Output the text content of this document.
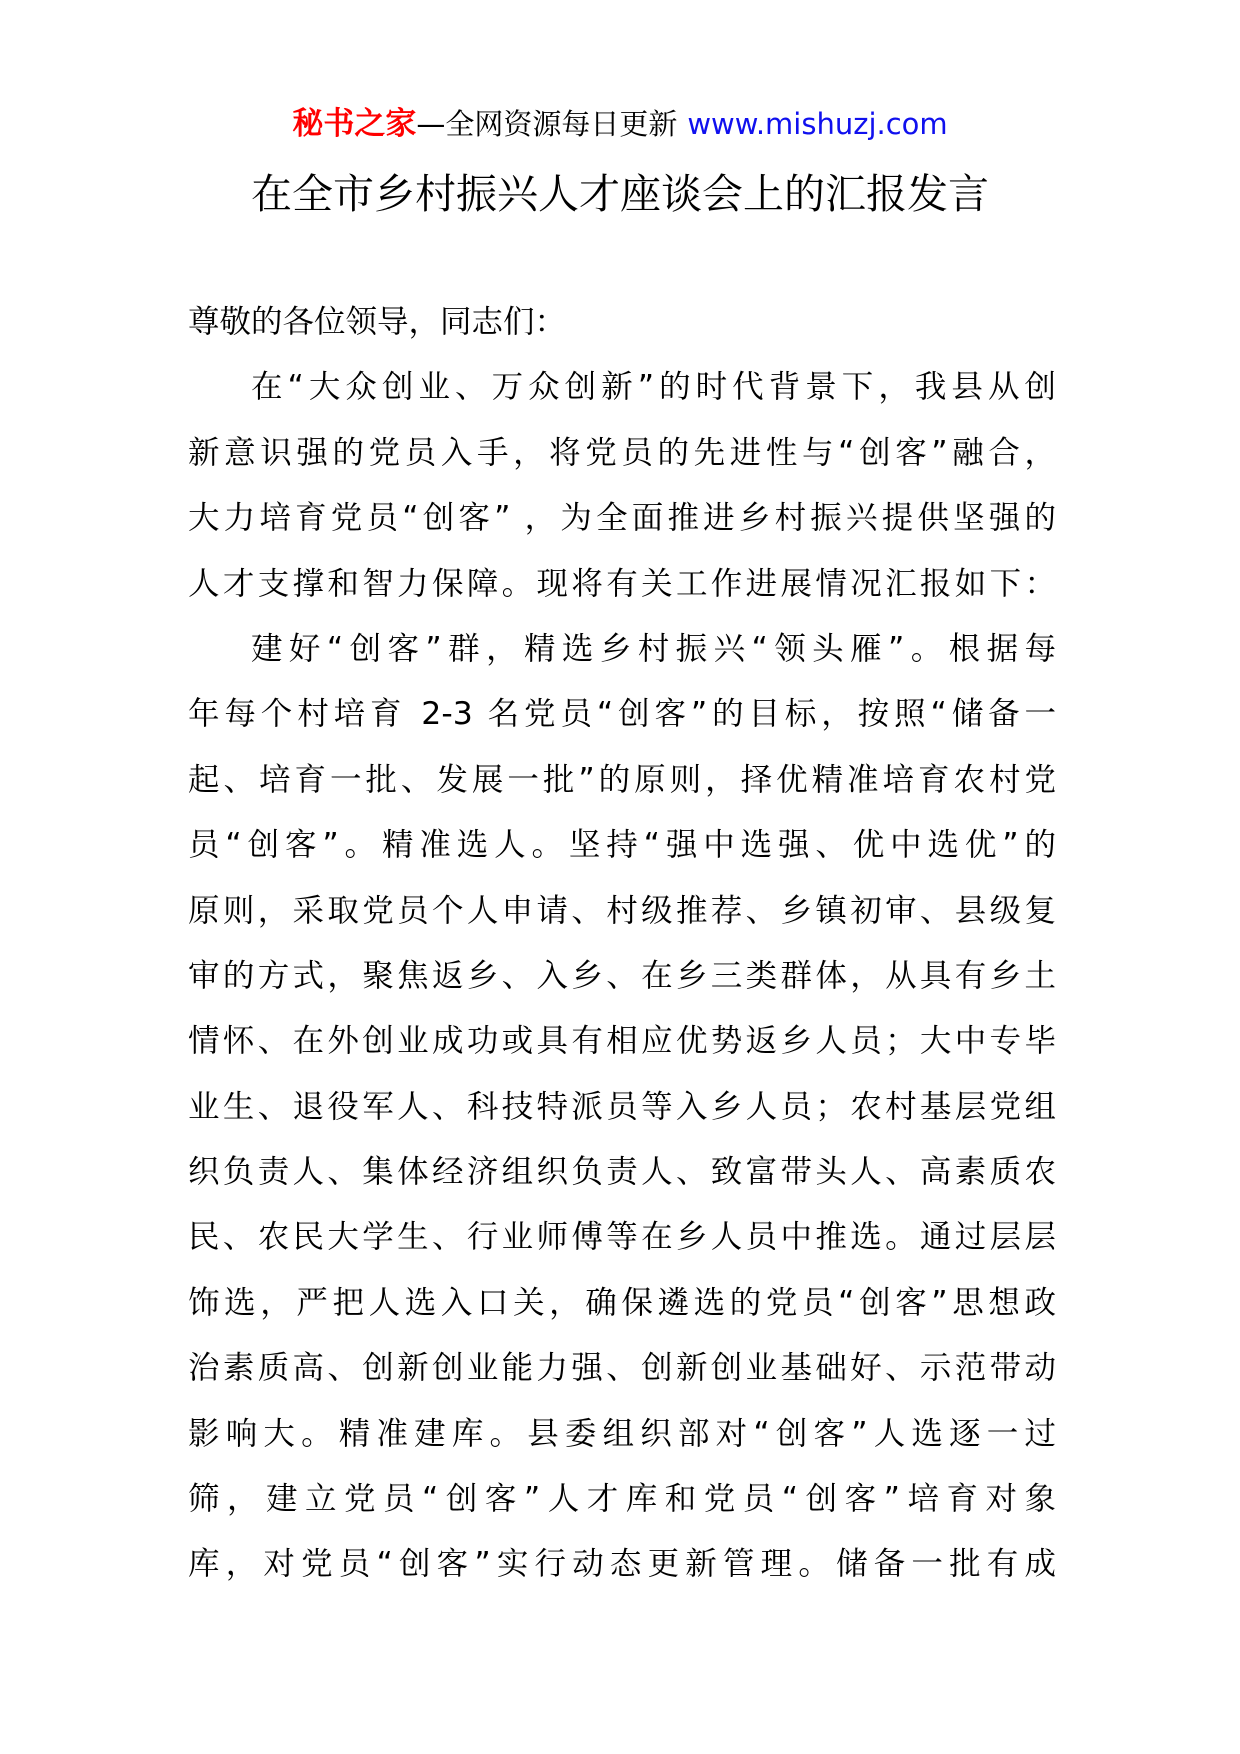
秘书之家—全网资源每日更新 www.mishuzj.com
在全市乡村振兴人才座谈会上的汇报发言
尊敬的各位领导，同志们：
在“大众创业、万众创新”的时代背景下，我县从创
新意识强的党员入手，将党员的先进性与“创客”融合，
大力培育党员“创客” ，为全面推进乡村振兴提供坚强的
人才支撑和智力保障。现将有关工作进展情况汇报如下：
建好“创客”群，精选乡村振兴“领头雁”。根据每
年每个村培育 2-3 名党员“创客”的目标，按照“储备一
起、培育一批、发展一批”的原则，择优精准培育农村党
员“创客”。精准选人。坚持“强中选强、优中选优”的
原则，采取党员个人申请、村级推荐、乡镇初审、县级复
审的方式，聚焦返乡、入乡、在乡三类群体，从具有乡土
情怀、在外创业成功或具有相应优势返乡人员；大中专毕
业生、退役军人、科技特派员等入乡人员；农村基层党组
织负责人、集体经济组织负责人、致富带头人、高素质农
民、农民大学生、行业师傅等在乡人员中推选。通过层层
饰选，严把人选入口关，确保遴选的党员“创客”思想政
治素质高、创新创业能力强、创新创业基础好、示范带动
影响大。精准建库。县委组织部对“创客”人选逐一过
筛，建立党员“创客”人才库和党员“创客”培育对象
库，对党员“创客”实行动态更新管理。储备一批有成
